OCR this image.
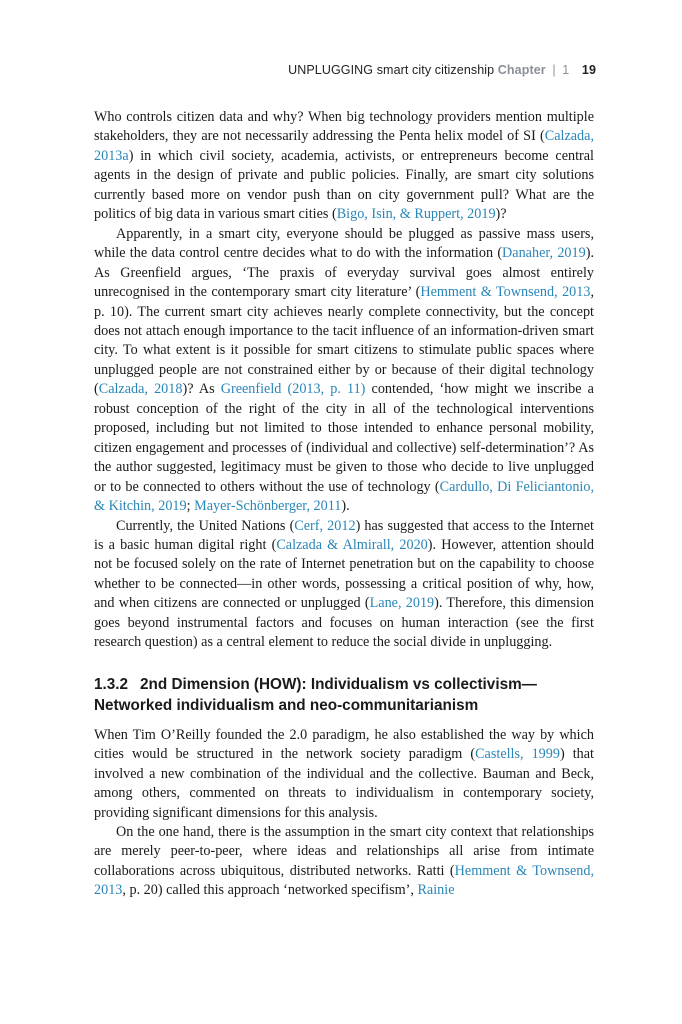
UNPLUGGING smart city citizenship Chapter | 1 19

Who controls citizen data and why? When big technology providers mention multiple stakeholders, they are not necessarily addressing the Penta helix model of SI (Calzada, 2013a) in which civil society, academia, activists, or entrepreneurs become central agents in the design of private and public policies. Finally, are smart city solutions currently based more on vendor push than on city government pull? What are the politics of big data in various smart cities (Bigo, Isin, & Ruppert, 2019)?

Apparently, in a smart city, everyone should be plugged as passive mass users, while the data control centre decides what to do with the information (Danaher, 2019). As Greenfield argues, ‘The praxis of everyday survival goes almost entirely unrecognised in the contemporary smart city literature’ (Hemment & Townsend, 2013, p. 10). The current smart city achieves nearly complete connectivity, but the concept does not attach enough importance to the tacit influence of an information-driven smart city. To what extent is it possible for smart citizens to stimulate public spaces where unplugged people are not constrained either by or because of their digital technology (Calzada, 2018)? As Greenfield (2013, p. 11) contended, ‘how might we inscribe a robust conception of the right of the city in all of the technological interventions proposed, including but not limited to those intended to enhance personal mobility, citizen engagement and processes of (individual and collective) self-determination’? As the author suggested, legitimacy must be given to those who decide to live unplugged or to be connected to others without the use of technology (Cardullo, Di Feliciantonio, & Kitchin, 2019; Mayer-Schönberger, 2011).

Currently, the United Nations (Cerf, 2012) has suggested that access to the Internet is a basic human digital right (Calzada & Almirall, 2020). However, attention should not be focused solely on the rate of Internet penetration but on the capability to choose whether to be connected—in other words, possessing a critical position of why, how, and when citizens are connected or unplugged (Lane, 2019). Therefore, this dimension goes beyond instrumental factors and focuses on human interaction (see the first research question) as a central element to reduce the social divide in unplugging.

1.3.2 2nd Dimension (HOW): Individualism vs collectivism— Networked individualism and neo-communitarianism

When Tim O’Reilly founded the 2.0 paradigm, he also established the way by which cities would be structured in the network society paradigm (Castells, 1999) that involved a new combination of the individual and the collective. Bauman and Beck, among others, commented on threats to individualism in contemporary society, providing significant dimensions for this analysis.

On the one hand, there is the assumption in the smart city context that relationships are merely peer-to-peer, where ideas and relationships all arise from intimate collaborations across ubiquitous, distributed networks. Ratti (Hemment & Townsend, 2013, p. 20) called this approach ‘networked specifism’, Rainie
